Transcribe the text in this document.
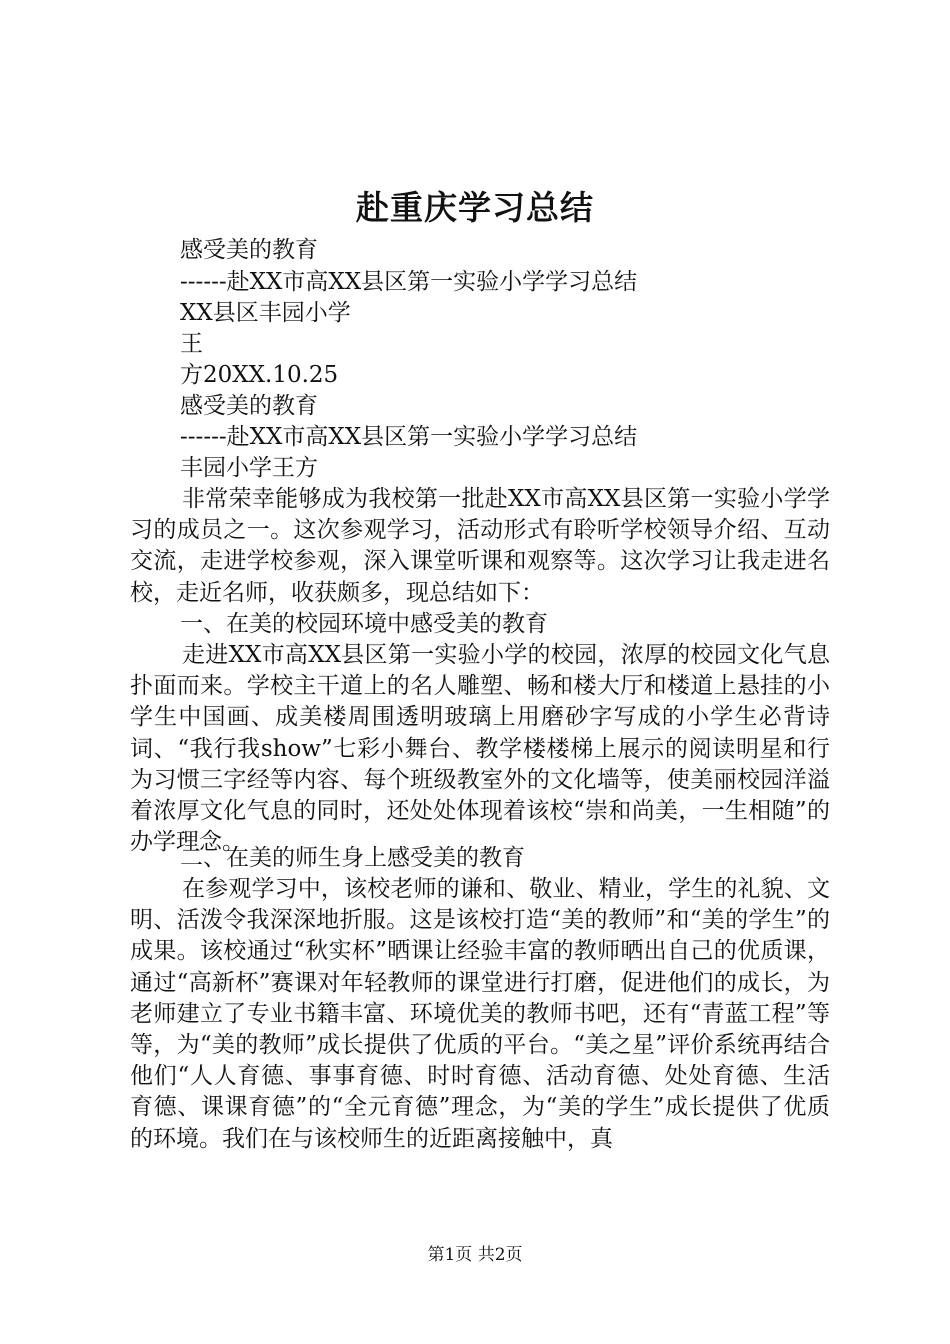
赴重庆学习总结
感受美的教育
------赴XX市高XX县区第一实验小学学习总结
XX县区丰园小学
王
方20XX.10.25
感受美的教育
------赴XX市高XX县区第一实验小学学习总结
丰园小学王方
非常荣幸能够成为我校第一批赴XX市高XX县区第一实验小学学习的成员之一。这次参观学习，活动形式有聆听学校领导介绍、互动交流，走进学校参观，深入课堂听课和观察等。这次学习让我走进名校，走近名师，收获颇多，现总结如下：
一、在美的校园环境中感受美的教育
走进XX市高XX县区第一实验小学的校园，浓厚的校园文化气息扑面而来。学校主干道上的名人雕塑、畅和楼大厅和楼道上悬挂的小学生中国画、成美楼周围透明玻璃上用磨砂字写成的小学生必背诗词、“我行我show”七彩小舞台、教学楼楼梯上展示的阅读明星和行为习惯三字经等内容、每个班级教室外的文化墙等，使美丽校园洋溢着浓厚文化气息的同时，还处处体现着该校“崇和尚美，一生相随”的办学理念。
二、在美的师生身上感受美的教育
在参观学习中，该校老师的谦和、敬业、精业，学生的礼貌、文明、活泼令我深深地折服。这是该校打造“美的教师”和“美的学生”的成果。该校通过“秋实杯”晒课让经验丰富的教师晒出自己的优质课，通过“高新杯”赛课对年轻教师的课堂进行打磨，促进他们的成长，为老师建立了专业书籍丰富、环境优美的教师书吧，还有“青蓝工程”等等，为“美的教师”成长提供了优质的平台。“美之星”评价系统再结合他们“人人育德、事事育德、时时育德、活动育德、处处育德、生活育德、课课育德”的“全元育德”理念，为“美的学生”成长提供了优质的环境。我们在与该校师生的近距离接触中，真
第1页 共2页
